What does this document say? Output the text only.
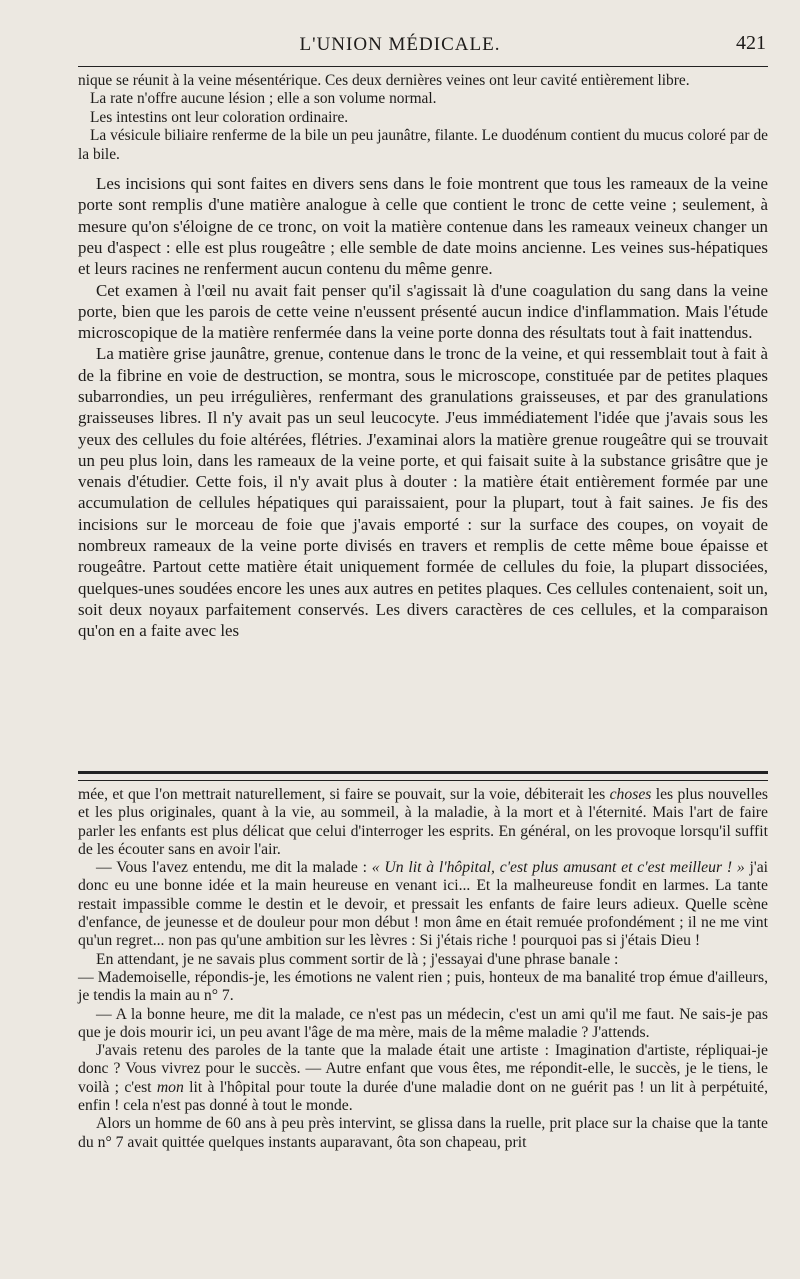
L'UNION MÉDICALE.	421

nique se réunit à la veine mésentérique. Ces deux dernières veines ont leur cavité entièrement libre.

La rate n'offre aucune lésion ; elle a son volume normal.

Les intestins ont leur coloration ordinaire.

La vésicule biliaire renferme de la bile un peu jaunâtre, filante. Le duodénum contient du mucus coloré par de la bile.

Les incisions qui sont faites en divers sens dans le foie montrent que tous les rameaux de la veine porte sont remplis d'une matière analogue à celle que contient le tronc de cette veine ; seulement, à mesure qu'on s'éloigne de ce tronc, on voit la matière contenue dans les rameaux veineux changer un peu d'aspect : elle est plus rougeâtre ; elle semble de date moins ancienne. Les veines sus-hépatiques et leurs racines ne renferment aucun contenu du même genre.

Cet examen à l'œil nu avait fait penser qu'il s'agissait là d'une coagulation du sang dans la veine porte, bien que les parois de cette veine n'eussent présenté aucun indice d'inflammation. Mais l'étude microscopique de la matière renfermée dans la veine porte donna des résultats tout à fait inattendus.

La matière grise jaunâtre, grenue, contenue dans le tronc de la veine, et qui ressemblait tout à fait à de la fibrine en voie de destruction, se montra, sous le microscope, constituée par de petites plaques subarrondies, un peu irrégulières, renfermant des granulations graisseuses, et par des granulations graisseuses libres. Il n'y avait pas un seul leucocyte. J'eus immédiatement l'idée que j'avais sous les yeux des cellules du foie altérées, flétries. J'examinai alors la matière grenue rougeâtre qui se trouvait un peu plus loin, dans les rameaux de la veine porte, et qui faisait suite à la substance grisâtre que je venais d'étudier. Cette fois, il n'y avait plus à douter : la matière était entièrement formée par une accumulation de cellules hépatiques qui paraissaient, pour la plupart, tout à fait saines. Je fis des incisions sur le morceau de foie que j'avais emporté : sur la surface des coupes, on voyait de nombreux rameaux de la veine porte divisés en travers et remplis de cette même boue épaisse et rougeâtre. Partout cette matière était uniquement formée de cellules du foie, la plupart dissociées, quelques-unes soudées encore les unes aux autres en petites plaques. Ces cellules contenaient, soit un, soit deux noyaux parfaitement conservés. Les divers caractères de ces cellules, et la comparaison qu'on en a faite avec les

mée, et que l'on mettrait naturellement, si faire se pouvait, sur la voie, débiterait les choses les plus nouvelles et les plus originales, quant à la vie, au sommeil, à la maladie, à la mort et à l'éternité. Mais l'art de faire parler les enfants est plus délicat que celui d'interroger les esprits. En général, on les provoque lorsqu'il suffit de les écouter sans en avoir l'air.

— Vous l'avez entendu, me dit la malade : « Un lit à l'hôpital, c'est plus amusant et c'est meilleur ! » j'ai donc eu une bonne idée et la main heureuse en venant ici... Et la malheureuse fondit en larmes. La tante restait impassible comme le destin et le devoir, et pressait les enfants de faire leurs adieux. Quelle scène d'enfance, de jeunesse et de douleur pour mon début ! mon âme en était remuée profondément ; il ne me vint qu'un regret... non pas qu'une ambition sur les lèvres : Si j'étais riche ! pourquoi pas si j'étais Dieu !

En attendant, je ne savais plus comment sortir de là ; j'essayai d'une phrase banale :

— Mademoiselle, répondis-je, les émotions ne valent rien ; puis, honteux de ma banalité trop émue d'ailleurs, je tendis la main au n° 7.

— A la bonne heure, me dit la malade, ce n'est pas un médecin, c'est un ami qu'il me faut. Ne sais-je pas que je dois mourir ici, un peu avant l'âge de ma mère, mais de la même maladie ? J'attends.

J'avais retenu des paroles de la tante que la malade était une artiste : Imagination d'artiste, répliquai-je donc ? Vous vivrez pour le succès. — Autre enfant que vous êtes, me répondit-elle, le succès, je le tiens, le voilà ; c'est mon lit à l'hôpital pour toute la durée d'une maladie dont on ne guérit pas ! un lit à perpétuité, enfin ! cela n'est pas donné à tout le monde.

Alors un homme de 60 ans à peu près intervint, se glissa dans la ruelle, prit place sur la chaise que la tante du n° 7 avait quittée quelques instants auparavant, ôta son chapeau, prit
